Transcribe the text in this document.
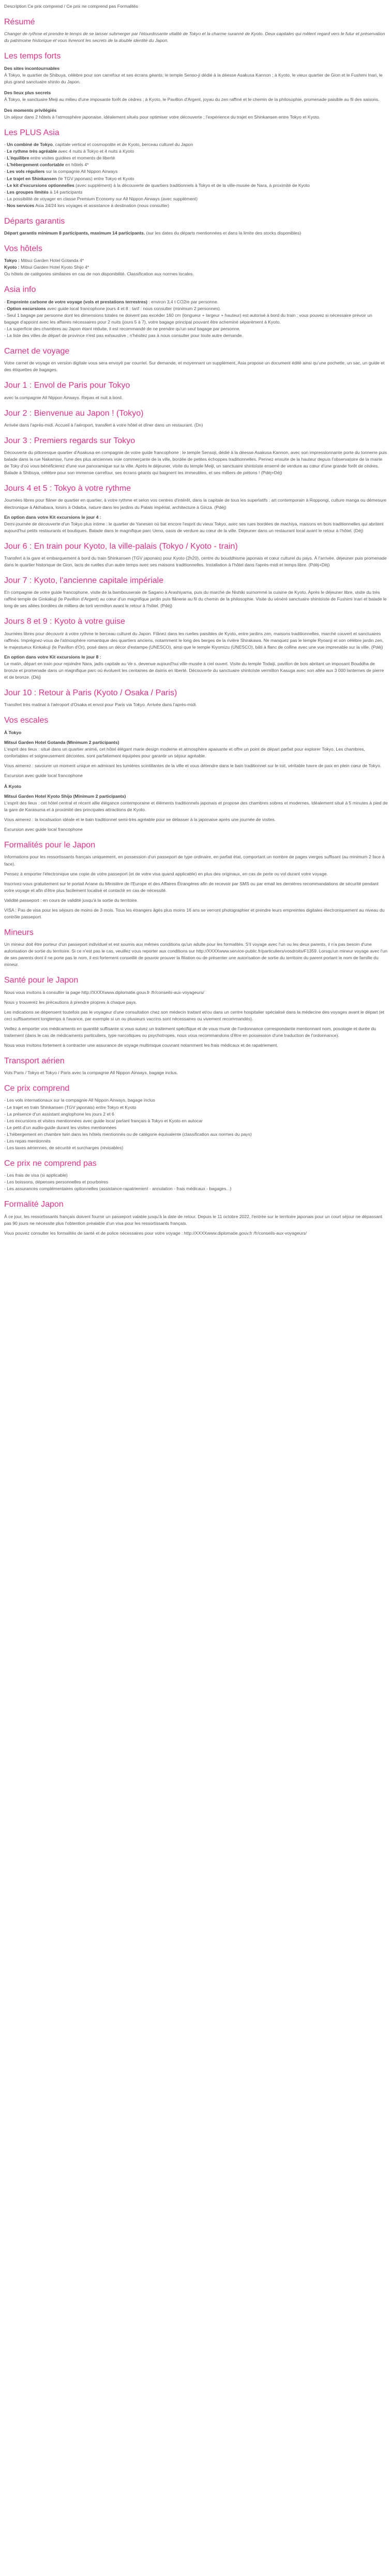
Description Ce prix comprend / Ce prix ne comprend pas Formalités

Résumé

Changer de rythme et prendre le temps de se laisser submerger par l'étourdissante vitalité de Tokyo et la charme suranné de Kyoto. Deux capitales qui mêlent regard vers le futur et préservation du patrimoine historique et vous livreront les secrets de la double identité du Japon.

Les temps forts
Des sites incontournables

À Tokyo, le quartier de Shibuya, célèbre pour son carrefour et ses écrans géants; le temple Senso-ji dédié à la déesse Asakusa Kannon ; à Kyoto, le vieux quartier de Gion et le Fushimi Inari, le plus grand sanctuaire shinto du Japon.

Des lieux plus secrets

À Tokyo, le sanctuaire Meiji au milieu d'une imposante forêt de cèdres ; à Kyoto, le Pavillon d'Argent, joyau du zen raffiné et le chemin de la philosophie, promenade paisible au fil des saisons.

Des moments privilégiés

Un séjour dans 2 hôtels à l'atmosphère japonaise, idéalement situés pour optimiser votre découverte ; l'expérience du trajet en Shinkansen entre Tokyo et Kyoto.

Les PLUS Asia
- Un combiné de Tokyo, capitale vertical et cosmopolite et de Kyoto, berceau culturel du Japon
- Le rythme très agréable avec 4 nuits à Tokyo et 4 nuits à Kyoto
- L'équilibre entre visites guidées et moments de liberté
- L'hébergement confortable en hôtels 4*
- Les vols réguliers sur la compagnie All Nippon Airways
- Le trajet en Shinkansen (le TGV japonais) entre Tokyo et Kyoto
- Le kit d'excursions optionnelles (avec supplément) à la découverte de quartiers traditionnels à Tokyo et de la ville-musée de Nara, à proximité de Kyoto
- Les groupes limités à 14 participants
- La possibilité de voyager en classe Premium Economy sur All Nippon Airways (avec supplément)
- Nos services Asia 24/24 lors voyages et assistance à destination (nous consulter)
Départs garantis

Départ garantis minimum 8 participants, maximum 14 participants. (sur les dates du départs mentionnées et dans la limite des stocks disponibles)

Vos hôtels
Tokyo : Mitsui Garden Hotel Gotanda 4*
Kyoto : Mitsui Garden Hotel Kyoto Shijo 4*

Ou hôtels de catégories similaires en cas de non disponibilité. Classification aux normes locales.

Asia info
- Empreinte carbone de votre voyage (vols et prestations terrestres) : environ 3,4 t CO2/e par personne.
- Option excursions avec guide local francophone jours 4 et 8 : tarif : nous consulter (minimum 2 personnes).
- Seul 1 bagage par personne dont les dimensions totales ne doivent pas excéder 160 cm (longueur + largeur + hauteur) est autorisé à bord du train ; vous pouvez si nécessaire prévoir un bagage d'appoint avec les affaires nécessaires pour 2 nuits (jours 5 à 7), votre bagage principal pouvant être acheminé séparément à Kyoto.
- La superficie des chambres au Japon étant réduite, il est recommandé de ne prendre qu'un seul bagage par personne.
- La liste des villes de départ de province n'est pas exhaustive ; n'hésitez pas à nous consulter pour toute autre demande.
Carnet de voyage

Votre carnet de voyage en version digitale vous sera envoyé par courriel. Sur demande, et moyennant un supplément, Asia propose un document édité ainsi qu'une pochette, un sac, un guide et des étiquettes de bagages.

Jour 1 : Envol de Paris pour Tokyo

avec la compagnie All Nippon Airways. Repas et nuit à bord.

Jour 2 : Bienvenue au Japon ! (Tokyo)

Arrivée dans l'après-midi. Accueil à l'aéroport, transfert à votre hôtel et dîner dans un restaurant. (Dn)

Jour 3 : Premiers regards sur Tokyo

Découverte du pittoresque quartier d'Asakusa en compagnie de votre guide francophone : le temple Sensoji, dédié à la déesse Asakusa Kannon, avec son impressionnante porte du tonnerre puis balade dans la rue Nakamise, l'une des plus anciennes voie commerçante de la ville, bordée de petites échoppes traditionnelles. Pennez ensuite de la hauteur depuis l'observatoire de la mairie de Toky d'où vous bénéficierez d'une vue panoramique sur la ville. Après le déjeuner, visite du temple Meiji, un sanctuaire shintoïste enserré de verdure au cœur d'une grande forêt de cèdres. Balade à Shibuya, célèbre pour son immense carrefour, ses écrans géants qui baignent les immeubles, et ses milliers de piétons ! (Pdéj+Déj)

Jours 4 et 5 : Tokyo à votre rythme

Journées libres pour flâner de quartier en quartier, à votre rythme et selon vos centres d'intérêt, dans la capitale de tous les superlatifs : art contemporain à Roppongi, culture manga ou démesure électronique à Akihabara, loisirs à Odaiba, nature dans les jardins du Palais impérial, architecture à Ginza. (Pdéj)

En option dans votre Kit excursions le jour 4 :

Demi-journée de découverte d'un Tokyo plus intime : le quartier de Yanesen où bat encore l'esprit du vieux Tokyo, avec ses rues bordées de machiya, maisons en bois traditionnelles qui abritent aujourd'hui petits restaurants et boutiques. Balade dans le magnifique parc Ueno, oasis de verdure au cœur de la ville. Déjeuner dans un restaurant local avant le retour à l'hôtel. (Déj)

Jour 6 : En train pour Kyoto, la ville-palais (Tokyo / Kyoto - train)

Transfert à la gare et embarquement à bord du train Shinkansen (TGV japonais) pour Kyoto (2h20), centre du bouddhisme japonais et cœur culturel du pays. À l'arrivée, déjeuner puis promenade dans le quartier historique de Gion, lacis de ruelles d'un autre temps avec ses maisons traditionnelles. Installation à l'hôtel dans l'après-midi et temps libre. (Pdéj+Déj)

Jour 7 : Kyoto, l'ancienne capitale impériale

En compagnie de votre guide francophone, visite de la bambouseraie de Sagano à Arashiyama, puis du marché de Nishiki surnommé la cuisine de Kyoto. Après le déjeuner libre, visite du très raffiné temple de Ginkakuji (le Pavillon d'Argent) au cœur d'un magnifique jardin puis flânerie au fil du chemin de la philosophie. Visite du vénéré sanctuaire shintoïste de Fushimi Inari et balade le long de ses allées bordées de milliers de torii vermillon avant le retour à l'hôtel. (Pdéj)

Jours 8 et 9 : Kyoto à votre guise

Journées libres pour découvrir à votre rythme le berceau culturel du Japon. Flânez dans les ruelles paisibles de Kyoto, entre jardins zen, maisons traditionnelles, marché couvert et sanctuaires raffinés. Imprégnez-vous de l'atmosphère romantique des quartiers anciens, notamment le long des berges de la rivière Shirakawa. Ne manquez pas le temple Ryoanji et son célèbre jardin zen, le majestueux Kinkakuji (le Pavillon d'Or), posé dans un décor d'estampe (UNESCO), ainsi que le temple Kiyomizu (UNESCO), bâti à flanc de colline avec une vue imprenable sur la ville. (Pdéj)

En option dans votre Kit excursions le jour 8 :

Le matin, départ en train pour rejoindre Nara, jadis capitale au Ve s. devenue aujourd'hui ville-musée à ciel ouvert. Visite du temple Todaiji, pavillon de bois abritant un imposant Bouddha de bronze et promenade dans un magnifique parc où évoluent les centaines de daims en liberté. Découverte du sanctuaire shintoïste vermillon Kasuga avec son allée aux 3 000 lanternes de pierre et de bronze. (Déj)

Jour 10 : Retour à Paris (Kyoto / Osaka / Paris)

Transfert très matinal à l'aéroport d'Osaka et envol pour Paris via Tokyo. Arrivée dans l'après-midi.

Vos escales
À Tokyo
Mitsui Garden Hotel Gotanda (Minimum 2 participants)

L'esprit des lieux : situé dans un quartier animé, cet hôtel élégant marie design moderne et atmosphère apaisante et offre un point de départ parfait pour explorer Tokyo. Les chambres, confortables et soigneusement décorées, sont parfaitement équipées pour garantir un séjour agréable.

Vous aimerez : savourer un moment unique en admirant les lumières scintillantes de la ville et vous détendre dans le bain traditionnel sur le toit, véritable havre de paix en plein cœur de Tokyo.

Excursion avec guide local francophone

À Kyoto
Mitsui Garden Hotel Kyoto Shijo (Minimum 2 participants)

L'esprit des lieux : cet hôtel central et récent allie élégance contemporaine et éléments traditionnels japonais et propose des chambres sobres et modernes. Idéalement situé à 5 minutes à pied de la gare de Karasuma et à proximité des principales attractions de Kyoto.

Vous aimerez : la localisation idéale et le bain traditionnel semi-très agréable pour se délasser à la japonaise après une journée de visites.

Excursion avec guide local francophone

Formalités pour le Japon

Informations pour les ressortissants français uniquement, en possession d'un passeport de type ordinaire, en parfait état, comportant un nombre de pages vierges suffisant (au minimum 2 face à face).

Pensez à emporter l'électronique une copie de votre passeport (et de votre visa quand applicable) en plus des originaux, en cas de perte ou vol durant votre voyage.

Inscrivez-vous gratuitement sur le portail Ariane du Ministère de l'Europe et des Affaires Étrangères afin de recevoir par SMS ou par email les dernières recommandations de sécurité pendant votre voyage et afin d'être plus facilement localisé et contacté en cas de nécessité.

Validité passeport : en cours de validité jusqu'à la sortie du territoire.

VISA : Pas de visa pour les séjours de moins de 3 mois. Tous les étrangers âgés plus moins 16 ans se verront photographier et prendre leurs empreintes digitales électroniquement au niveau du contrôle passeport.

Mineurs

Un mineur doit être porteur d'un passeport individuel et est soumis aux mêmes conditions qu'un adulte pour les formalités. S'il voyage avec l'un ou les deux parents, il n'a pas besoin d'une autorisation de sortie du territoire. Si ce n'est pas le cas, veuillez vous reporter aux conditions sur http://XXXXwww.service-public.fr/particuliers/vosdroits/F1359. Lorsqu'un mineur voyage avec l'un de ses parents dont il ne porte pas le nom, il est fortement conseillé de pouvoir prouver la filiation ou de présenter une autorisation de sortie du territoire du parent portant le nom de famille du mineur.

Santé pour le Japon

Nous vous invitons à consulter la page http://XXXXwww.diplomatie.gouv.fr /fr/conseils-aux-voyageurs/

Nous y trouverez les précautions à prendre propres à chaque pays.

Les indications se dépensent toutefois pas le voyageur d'une consultation chez son médecin traitant et/ou dans un centre hospitalier spécialisé dans la médecine des voyages avant le départ (et ceci suffisamment longtemps à l'avance, par exemple si un ou plusieurs vaccins sont nécessaires ou vivement recommandés).

Veillez à emporter vos médicaments en quantité suffisante si vous suivez un traitement spécifique et de vous munir de l'ordonnance correspondante mentionnant nom, posologie et durée du traitement (dans le cas de médicaments particuliers, type narcotiques ou psychotropes, nous vous recommandons d'être en possession d'une traduction de l'ordonnance).

Nous vous invitons fortement à contracter une assurance de voyage multirisque couvrant notamment les frais médicaux et de rapatriement.

Transport aérien

Vols Paris / Tokyo et Tokyo / Paris avec la compagnie All Nippon Airways, bagage inclus.

Ce prix comprend
- Les vols internationaux sur la compagnie All Nippon Airways, bagage inclus
- Le trajet en train Shinkansen (TGV japonais) entre Tokyo et Kyoto
- La présence d'un assistant anglophone les jours 2 et 6
- Les excursions et visites mentionnées avec guide local parlant français à Tokyo et Kyoto en autocar
- Le petit d'un audio-guide durant les visites mentionnées
- L'hébergement en chambre twin dans les hôtels mentionnés ou de catégorie équivalente (classification aux normes du pays)
- Les repas mentionnés
- Les taxes aériennes, de sécurité et surcharges (révisables)
Ce prix ne comprend pas
- Les frais de visa (si applicable)
- Les boissons, dépenses personnelles et pourboires
- Les assurances complémentaires optionnelles (assistance-rapatriement - annulation - frais médicaux - bagages...)
Formalité Japon

À ce jour, les ressortissants français doivent fournir un passeport valable jusqu'à la date de retour. Depuis le 11 octobre 2022, l'entrée sur le territoire japonais pour un court séjour ne dépassant pas 90 jours ne nécessite plus l'obtention préalable d'un visa pour les ressortissants français.

Vous pouvez consulter les formalités de santé et de police nécessaires pour votre voyage : http://XXXXwww.diplomatie.gouv.fr /fr/conseils-aux-voyageurs/
